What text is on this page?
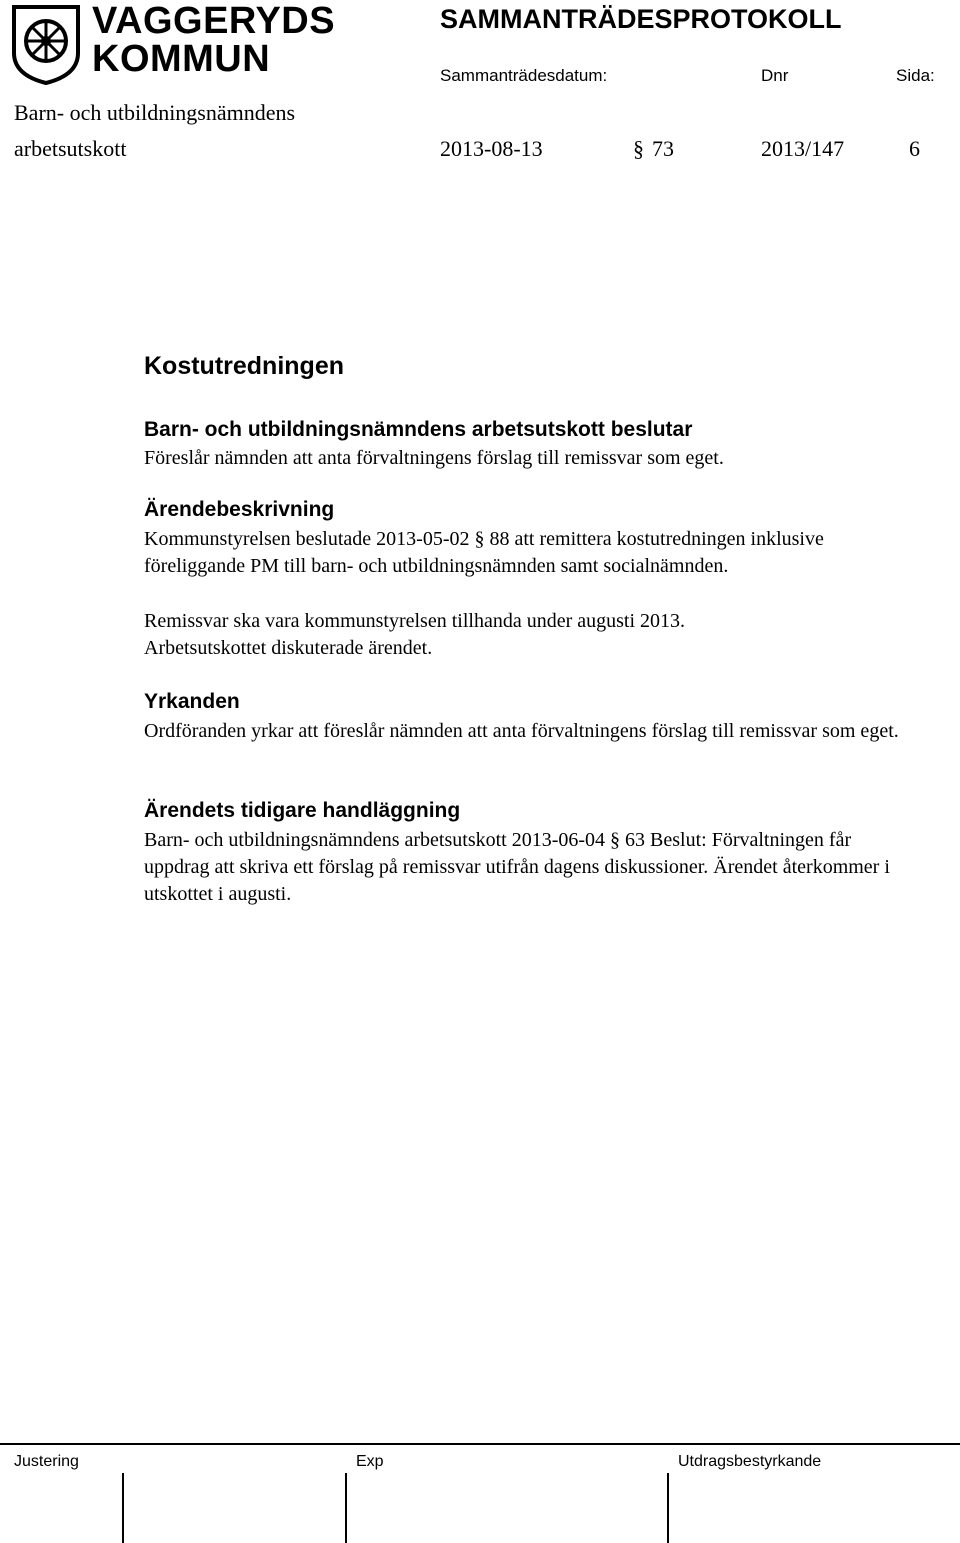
VAGGERYDS
KOMMUN
SAMMANTRÄDESPROTOKOLL
Sammanträdesdatum:	Dnr	Sida:
Barn- och utbildningsnämndens
arbetsutskott	2013-08-13	§ 73	2013/147	6
Kostutredningen
Barn- och utbildningsnämndens arbetsutskott beslutar
Föreslår nämnden att anta förvaltningens förslag till remissvar som eget.
Ärendebeskrivning
Kommunstyrelsen beslutade 2013-05-02 § 88 att remittera kostutredningen inklusive föreliggande PM till barn- och utbildningsnämnden samt socialnämnden.
Remissvar ska vara kommunstyrelsen tillhanda under augusti 2013.
Arbetsutskottet diskuterade ärendet.
Yrkanden
Ordföranden yrkar att föreslår nämnden att anta förvaltningens förslag till remissvar som eget.
Ärendets tidigare handläggning
Barn- och utbildningsnämndens arbetsutskott 2013-06-04 § 63 Beslut: Förvaltningen får uppdrag att skriva ett förslag på remissvar utifrån dagens diskussioner. Ärendet återkommer i utskottet i augusti.
Justering	Exp	Utdragsbestyrkande
